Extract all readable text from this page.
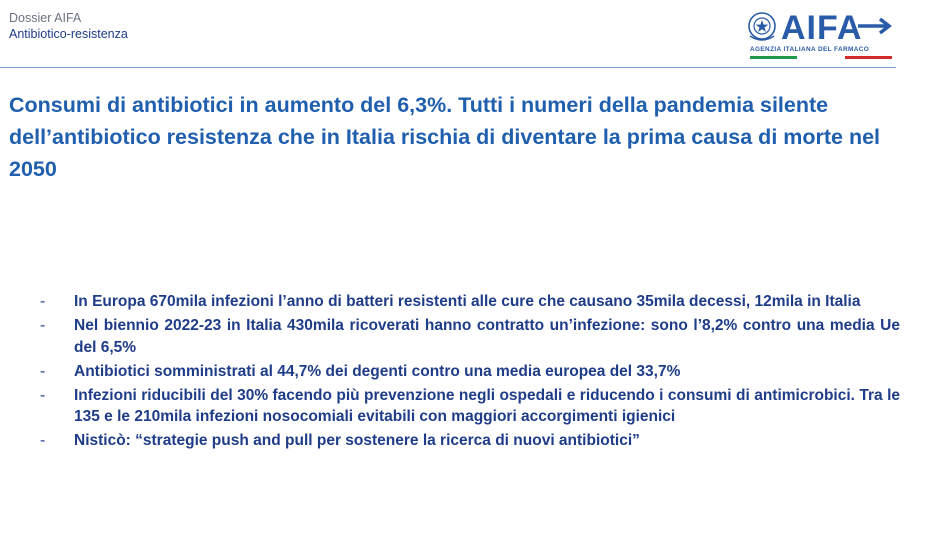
Dossier AIFA
Antibiotico-resistenza	AIFA
AGENZIA ITALIANA DEL FARMACO
Consumi di antibiotici in aumento del 6,3%. Tutti i numeri della pandemia silente dell’antibiotico resistenza che in Italia rischia di diventare la prima causa di morte nel 2050
- In Europa 670mila infezioni l’anno di batteri resistenti alle cure che causano 35mila decessi, 12mila in Italia
- Nel biennio 2022-23 in Italia 430mila ricoverati hanno contratto un’infezione: sono l’8,2% contro una media Ue del 6,5%
- Antibiotici somministrati al 44,7% dei degenti contro una media europea del 33,7%
- Infezioni riducibili del 30% facendo più prevenzione negli ospedali e riducendo i consumi di antimicrobici. Tra le 135 e le 210mila infezioni nosocomiali evitabili con maggiori accorgimenti igienici
- Nisticò: “strategie push and pull per sostenere la ricerca di nuovi antibiotici”
